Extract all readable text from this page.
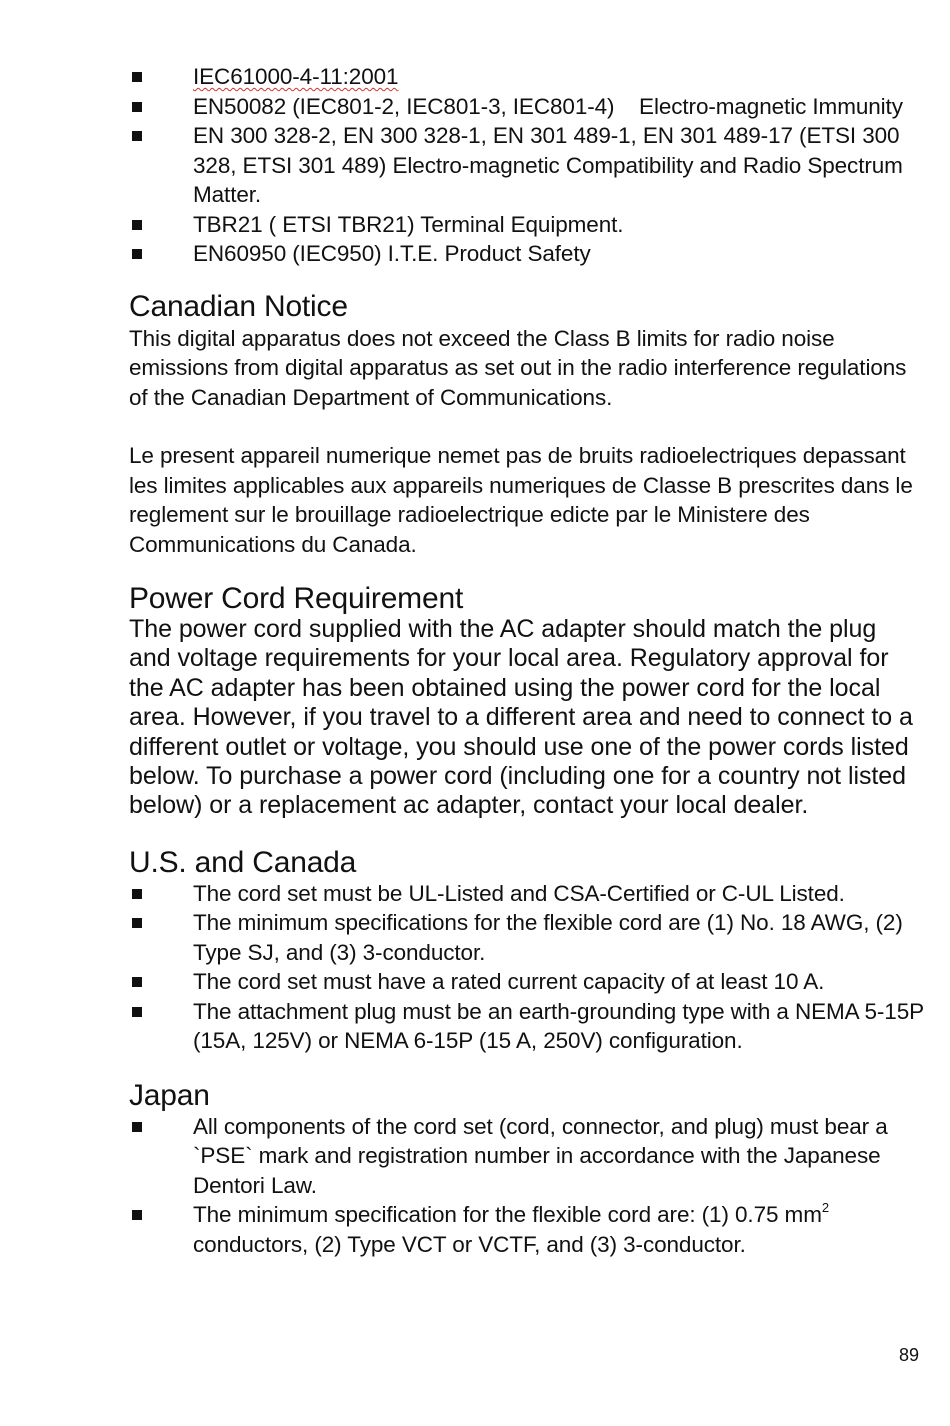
IEC61000-4-11:2001
EN50082 (IEC801-2, IEC801-3, IEC801-4)    Electro-magnetic Immunity
EN 300 328-2, EN 300 328-1, EN 301 489-1, EN 301 489-17 (ETSI 300 328, ETSI 301 489) Electro-magnetic Compatibility and Radio Spectrum Matter.
TBR21 ( ETSI TBR21) Terminal Equipment.
EN60950 (IEC950) I.T.E. Product Safety
Canadian Notice

This digital apparatus does not exceed the Class B limits for radio noise emissions from digital apparatus as set out in the radio interference regulations of the Canadian Department of Communications.

Le present appareil numerique nemet pas de bruits radioelectriques depassant les limites applicables aux appareils numeriques de Classe B prescrites dans le reglement sur le brouillage radioelectrique edicte par le Ministere des Communications du Canada.

Power Cord Requirement

The power cord supplied with the AC adapter should match the plug and voltage requirements for your local area. Regulatory approval for the AC adapter has been obtained using the power cord for the local area. However, if you travel to a different area and need to connect to a different outlet or voltage, you should use one of the power cords listed below. To purchase a power cord (including one for a country not listed below) or a replacement ac adapter, contact your local dealer.

U.S. and Canada
The cord set must be UL-Listed and CSA-Certified or C-UL Listed.
The minimum specifications for the flexible cord are (1) No. 18 AWG, (2) Type SJ, and (3) 3-conductor.
The cord set must have a rated current capacity of at least 10 A.
The attachment plug must be an earth-grounding type with a NEMA 5-15P (15A, 125V) or NEMA 6-15P (15 A, 250V) configuration.
Japan
All components of the cord set (cord, connector, and plug) must bear a `PSE` mark and registration number in accordance with the Japanese Dentori Law.
The minimum specification for the flexible cord are: (1) 0.75 $mm^2$ conductors, (2) Type VCT or VCTF, and (3) 3-conductor.
89
